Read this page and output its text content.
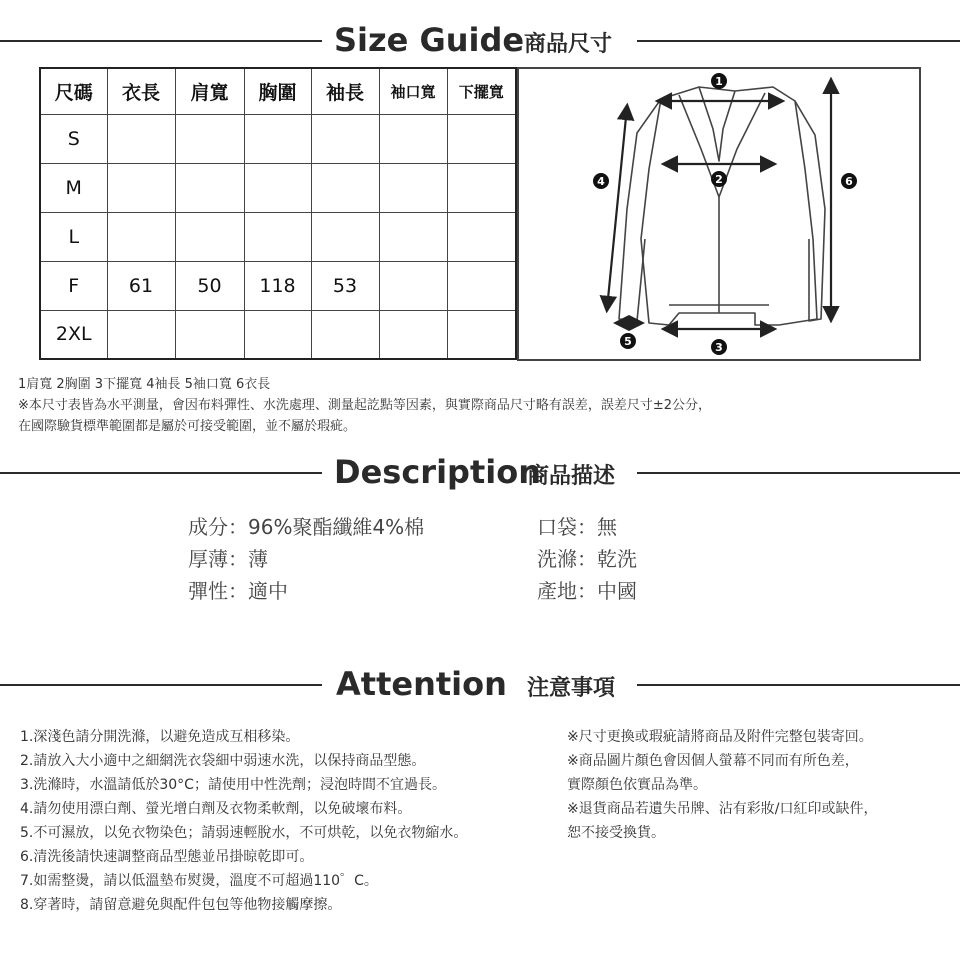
Size Guide 商品尺寸
尺碼	衣長	肩寬	胸圍	袖長	袖口寬	下擺寬
S						
M						
L						
F	61	50	118	53		
2XL						
1
2
3
4
5
6
1肩寬 2胸圍 3下擺寬 4袖長 5袖口寬 6衣長
※本尺寸表皆為水平測量，會因布料彈性、水洗處理、測量起訖點等因素，與實際商品尺寸略有誤差，誤差尺寸±2公分，
在國際驗貨標準範圍都是屬於可接受範圍，並不屬於瑕疵。
Description
商品描述
成分：96%聚酯纖維4%棉
厚薄：薄
彈性：適中
口袋：無
洗滌：乾洗
產地：中國
Attention 注意事項
1.深淺色請分開洗滌，以避免造成互相移染。
2.請放入大小適中之細網洗衣袋細中弱速水洗，以保持商品型態。
3.洗滌時，水溫請低於30°C；請使用中性洗劑；浸泡時間不宜過長。
4.請勿使用漂白劑、螢光增白劑及衣物柔軟劑，以免破壞布料。
5.不可濕放，以免衣物染色；請弱速輕脫水，不可烘乾，以免衣物縮水。
6.清洗後請快速調整商品型態並吊掛晾乾即可。
7.如需整燙，請以低溫墊布熨燙，溫度不可超過110゜C。
8.穿著時，請留意避免與配件包包等他物接觸摩擦。
※尺寸更換或瑕疵請將商品及附件完整包裝寄回。
※商品圖片顏色會因個人螢幕不同而有所色差，
實際顏色依實品為準。
※退貨商品若遺失吊牌、沾有彩妝/口紅印或缺件，
恕不接受換貨。
